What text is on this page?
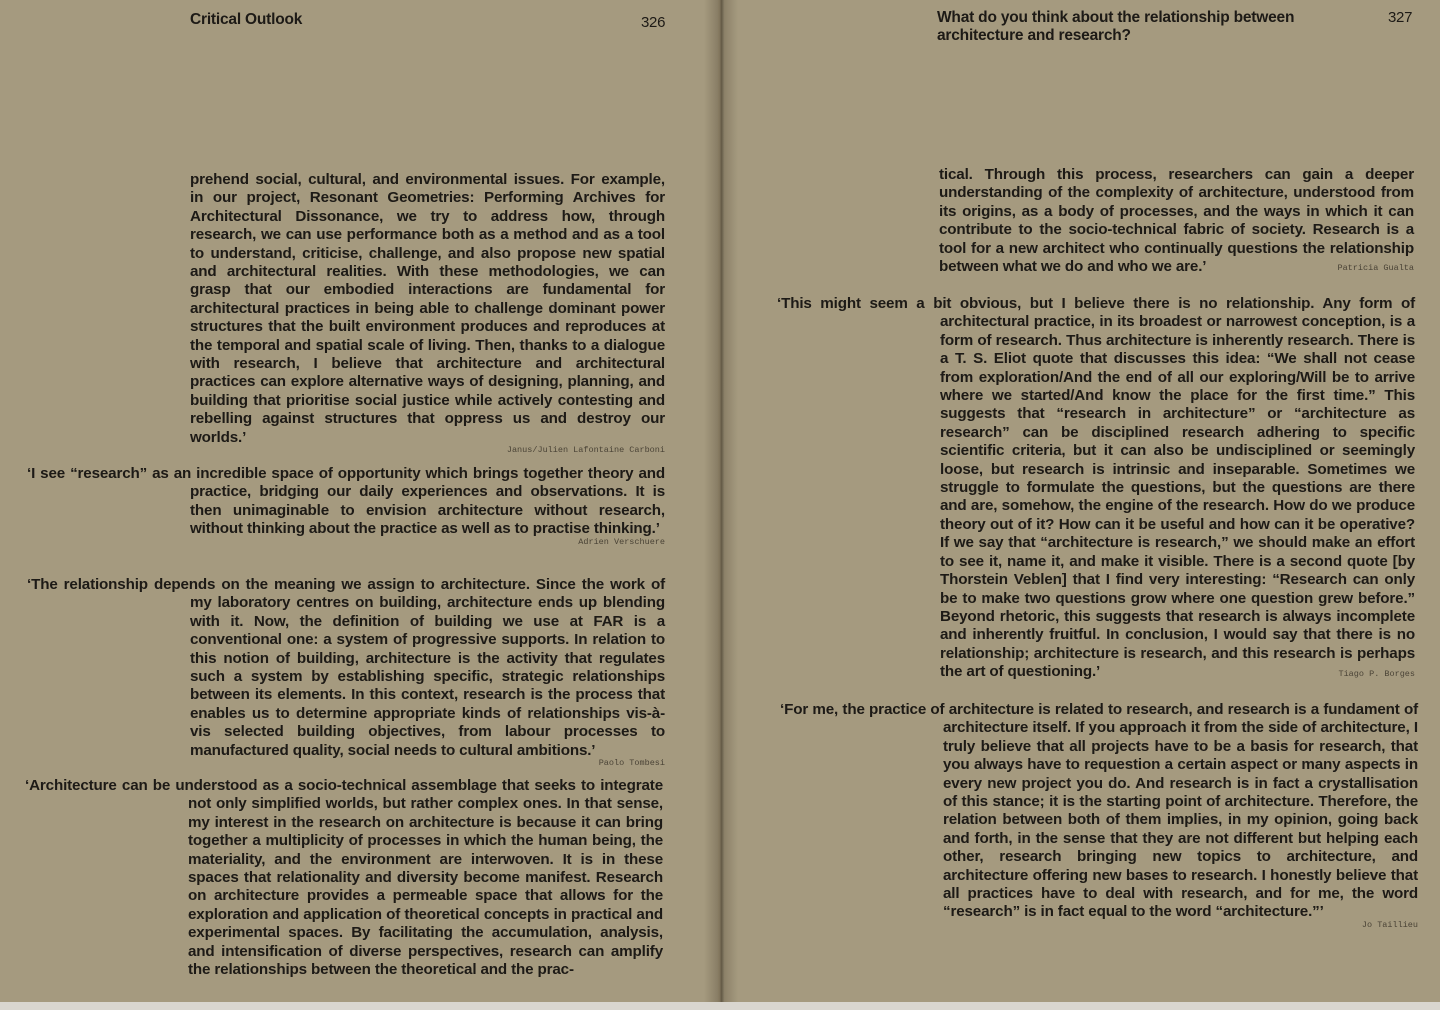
Critical Outlook	326
prehend social, cultural, and environmental issues. For example, in our project, Resonant Geometries: Performing Archives for Architectural Dissonance, we try to address how, through research, we can use performance both as a method and as a tool to understand, criticise, challenge, and also propose new spatial and architectural realities. With these methodologies, we can grasp that our embodied interactions are fundamental for architectural practices in being able to challenge dominant power structures that the built environment produces and reproduces at the temporal and spatial scale of living. Then, thanks to a dialogue with research, I believe that architecture and architectural practices can explore alternative ways of designing, planning, and building that prioritise social justice while actively contesting and rebelling against structures that oppress us and destroy our worlds.’
Janus/Julien Lafontaine Carboni
‘I see “research” as an incredible space of opportunity which brings together theory and practice, bridging our daily experiences and observations. It is then unimaginable to envision architecture without research, without thinking about the practice as well as to practise thinking.’
Adrien Verschuere
‘The relationship depends on the meaning we assign to architecture. Since the work of my laboratory centres on building, architecture ends up blending with it. Now, the definition of building we use at FAR is a conventional one: a system of progressive supports. In relation to this notion of building, architecture is the activity that regulates such a system by establishing specific, strategic relationships between its elements. In this context, research is the process that enables us to determine appropriate kinds of relationships vis-à-vis selected building objectives, from labour processes to manufactured quality, social needs to cultural ambitions.’
Paolo Tombesi
‘Architecture can be understood as a socio-technical assemblage that seeks to integrate not only simplified worlds, but rather complex ones. In that sense, my interest in the research on architecture is because it can bring together a multiplicity of processes in which the human being, the materiality, and the environment are interwoven. It is in these spaces that relationality and diversity become manifest. Research on architecture provides a permeable space that allows for the exploration and application of theoretical concepts in practical and experimental spaces. By facilitating the accumulation, analysis, and intensification of diverse perspectives, research can amplify the relationships between the theoretical and the prac-
What do you think about the relationship between architecture and research?
327
tical. Through this process, researchers can gain a deeper understanding of the complexity of architecture, understood from its origins, as a body of processes, and the ways in which it can contribute to the socio-technical fabric of society. Research is a tool for a new architect who continually questions the relationship between what we do and who we are.’	Patricia Gualta
‘This might seem a bit obvious, but I believe there is no relationship. Any form of architectural practice, in its broadest or narrowest conception, is a form of research. Thus architecture is inherently research. There is a T. S. Eliot quote that discusses this idea: “We shall not cease from exploration/And the end of all our exploring/Will be to arrive where we started/And know the place for the first time.” This suggests that “research in architecture” or “architecture as research” can be disciplined research adhering to specific scientific criteria, but it can also be undisciplined or seemingly loose, but research is intrinsic and inseparable. Sometimes we struggle to formulate the questions, but the questions are there and are, somehow, the engine of the research. How do we produce theory out of it? How can it be useful and how can it be operative? If we say that “architecture is research,” we should make an effort to see it, name it, and make it visible. There is a second quote [by Thorstein Veblen] that I find very interesting: “Research can only be to make two questions grow where one question grew before.” Beyond rhetoric, this suggests that research is always incomplete and inherently fruitful. In conclusion, I would say that there is no relationship; architecture is research, and this research is perhaps the art of questioning.’	Tiago P. Borges
‘For me, the practice of architecture is related to research, and research is a fundament of architecture itself. If you approach it from the side of architecture, I truly believe that all projects have to be a basis for research, that you always have to requestion a certain aspect or many aspects in every new project you do. And research is in fact a crystallisation of this stance; it is the starting point of architecture. Therefore, the relation between both of them implies, in my opinion, going back and forth, in the sense that they are not different but helping each other, research bringing new topics to architecture, and architecture offering new bases to research. I honestly believe that all practices have to deal with research, and for me, the word “research” is in fact equal to the word “architecture.”’
Jo Taillieu
